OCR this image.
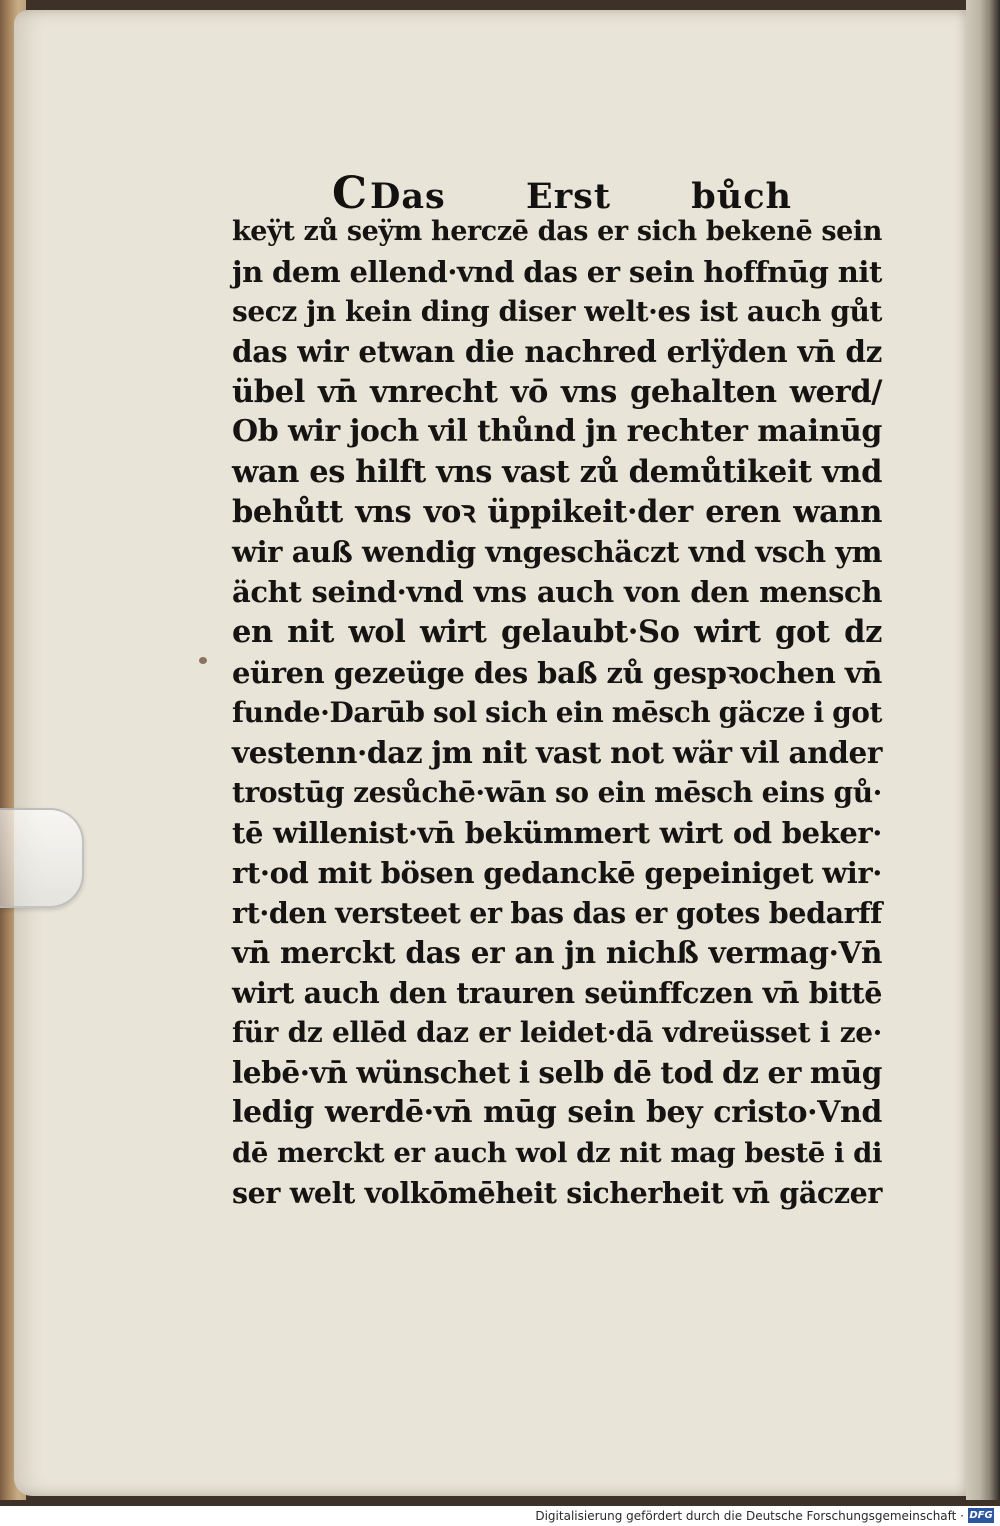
CDas Erst bůch
keÿt zů seÿm herczē das er sich bekenē sein
jn dem ellend·vnd das er sein hoffnūg nit
secz jn kein ding diser welt·es ist auch gůt
das wir etwan die nachred erlÿden vn̄ dz
übel vn̄ vnrecht vō vns gehalten werd/
Ob wir joch vil thůnd jn rechter mainūg
wan es hilft vns vast zů demůtikeit vnd
behůtt vns voꝛ üppikeit·der eren wann
wir auß wendig vngeschäczt vnd vsch ym
ächt seind·vnd vns auch von den mensch
en nit wol wirt gelaubt·So wirt got dz
eüren gezeüge des baß zů gespꝛochen vn̄
funde·Darūb sol sich ein mēsch gäcze i got
vestenn·daz jm nit vast not wär vil ander
trostūg zesůchē·wān so ein mēsch eins gů·
tē willenist·vn̄ bekümmert wirt od beker·
rt·od mit bösen gedanckē gepeiniget wir·
rt·den versteet er bas das er gotes bedarff
vn̄ merckt das er an jn nichß vermag·Vn̄
wirt auch den trauren seünffczen vn̄ bittē
für dz ellēd daz er leidet·dā vdreüsset i ze·
lebē·vn̄ wünschet i selb dē tod dz er mūg
ledig werdē·vn̄ mūg sein bey cristo·Vnd
dē merckt er auch wol dz nit mag bestē i di
ser welt volkōmēheit sicherheit vn̄ gäczer
Digitalisierung gefördert durch die Deutsche Forschungsgemeinschaft · DFG
